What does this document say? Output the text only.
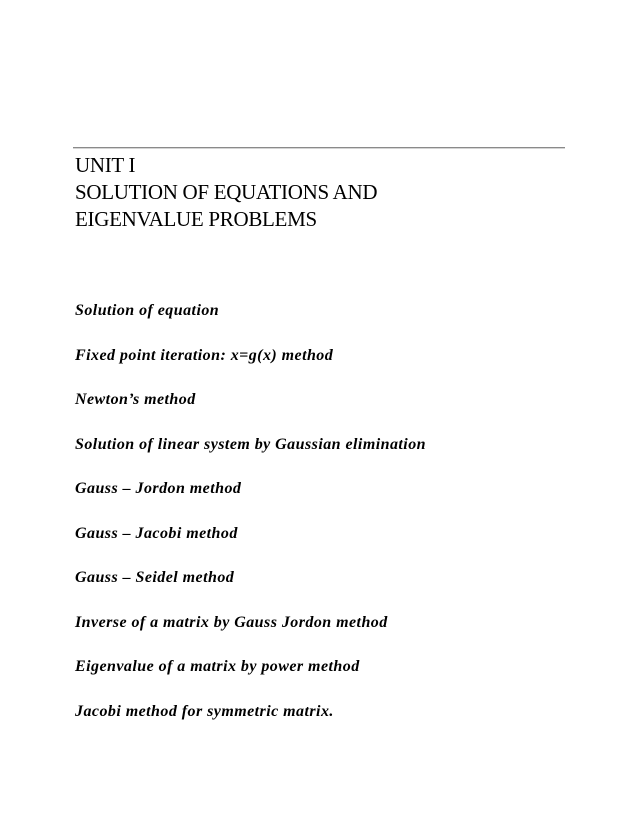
UNIT I
SOLUTION OF EQUATIONS AND
EIGENVALUE PROBLEMS
Solution of equation
Fixed point iteration: x=g(x) method
Newton’s method
Solution of linear system by Gaussian elimination
Gauss – Jordon method
Gauss – Jacobi method
Gauss – Seidel method
Inverse of a matrix by Gauss Jordon method
Eigenvalue of a matrix by power method
Jacobi method for symmetric matrix.
